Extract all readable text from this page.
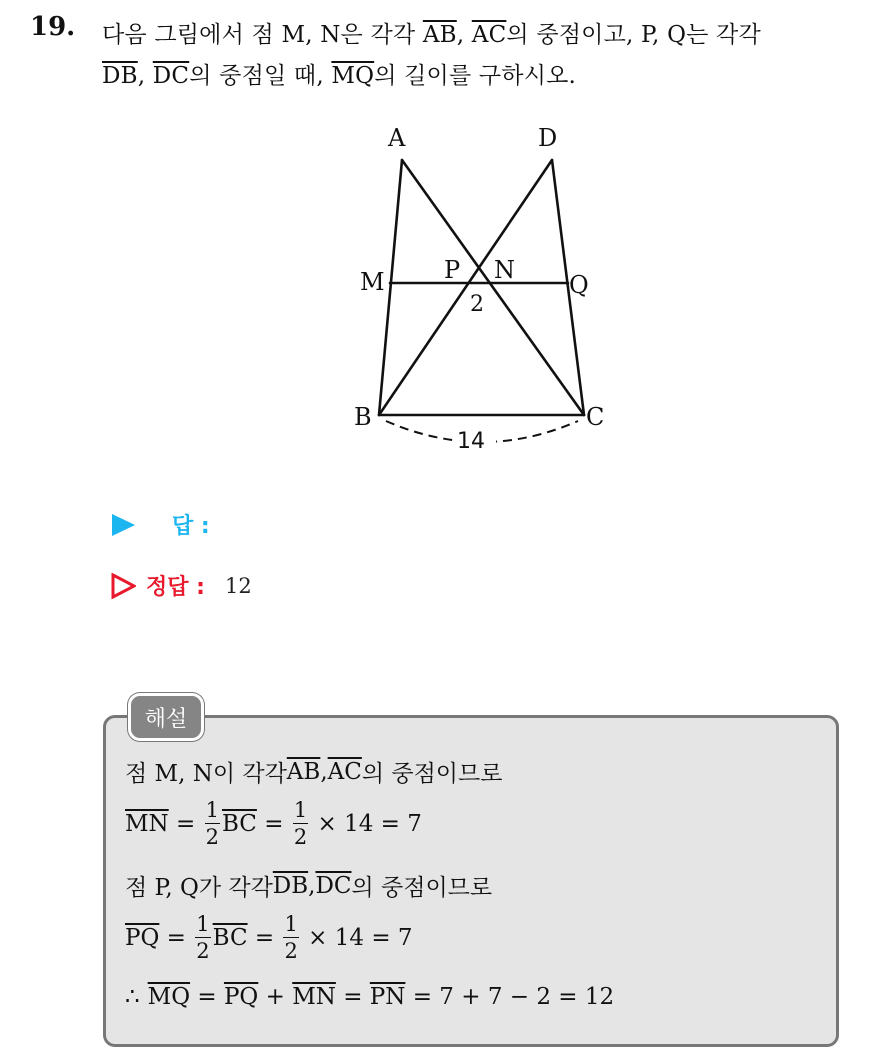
19. 다음 그림에서 점 M, N은 각각 $\overline{AB}$, $\overline{AC}$의 중점이고, P, Q는 각각
$\overline{DB}$, $\overline{DC}$의 중점일 때, $\overline{MQ}$의 길이를 구하시오.
A	D
M P N
Q
B	C
2
14
답 :
정답 : 12
해설
점 M, N이 각각 $\overline{AB}$ , $\overline{AC}$ 의 중점이므로
$\overline{MN} = \frac{1}{2} \overline{BC} = \frac{1}{2} \times 14 = 7$
점 P, Q가 각각 $\overline{DB}$ , $\overline{DC}$ 의 중점이므로
$\overline{PQ} = \frac{1}{2} \overline{BC} = \frac{1}{2} \times 14 = 7$
∴ $\overline{MQ} = \overline{PQ} + \overline{MN} = \overline{PN} = 7 + 7 - 2 = 12$
